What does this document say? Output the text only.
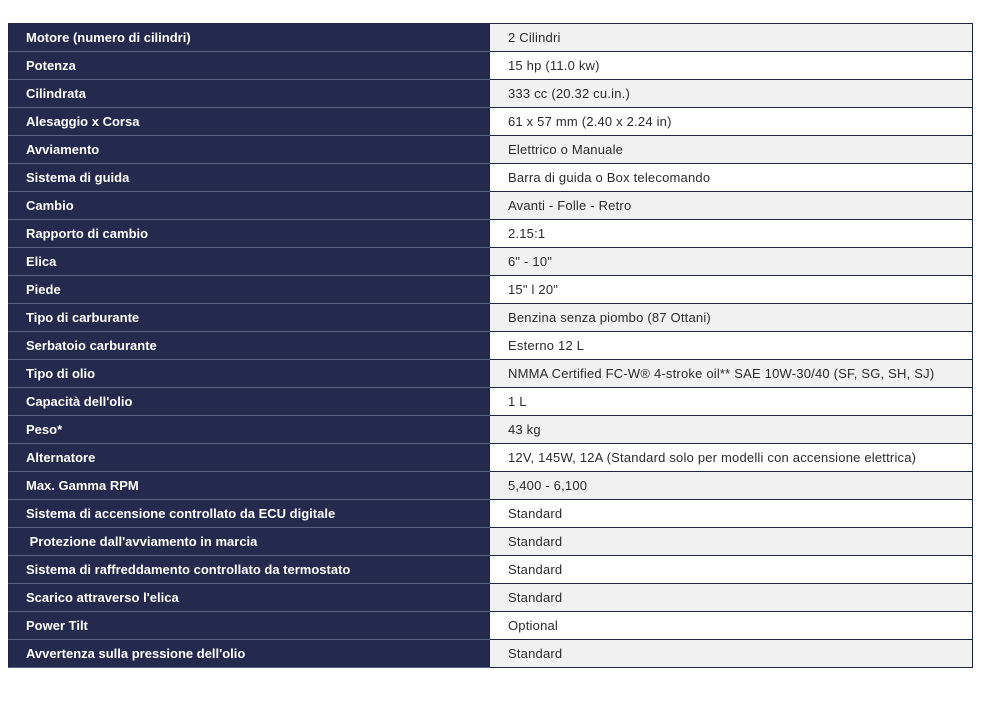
Motore (numero di cilindri)	2 Cilindri
Potenza	15 hp (11.0 kw)
Cilindrata	333 cc (20.32 cu.in.)
Alesaggio x Corsa	61 x 57 mm (2.40 x 2.24 in)
Avviamento	Elettrico o Manuale
Sistema di guida	Barra di guida o Box telecomando
Cambio	Avanti - Folle - Retro
Rapporto di cambio	2.15:1
Elica	6" - 10"
Piede	15" l 20"
Tipo di carburante	Benzina senza piombo (87 Ottani)
Serbatoio carburante	Esterno 12 L
Tipo di olio	NMMA Certified FC-W® 4-stroke oil** SAE 10W-30/40 (SF, SG, SH, SJ)
Capacità dell'olio	1 L
Peso*	43 kg
Alternatore	12V, 145W, 12A (Standard solo per modelli con accensione elettrica)
Max. Gamma RPM	5,400 - 6,100
Sistema di accensione controllato da ECU digitale	Standard
Protezione dall'avviamento in marcia	Standard
Sistema di raffreddamento controllato da termostato	Standard
Scarico attraverso l'elica	Standard
Power Tilt	Optional
Avvertenza sulla pressione dell'olio	Standard
